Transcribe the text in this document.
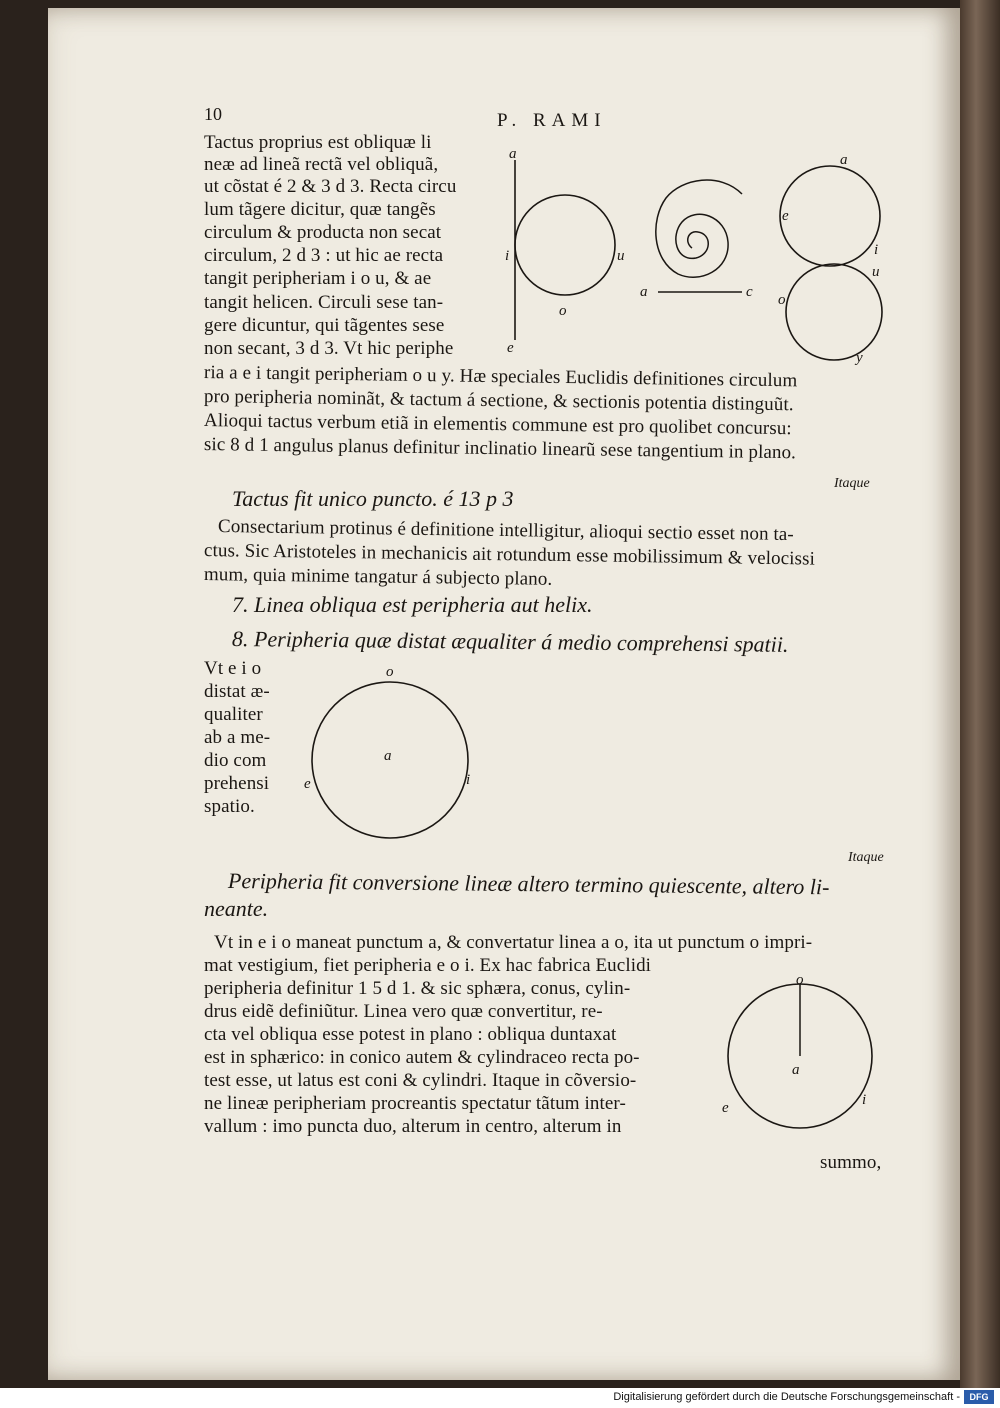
10	P. RAMI
Tactus proprius est obliquæ li
neæ ad lineã rectã vel obliquã,
ut cõstat é 2 & 3 d 3. Recta circu
lum tãgere dicitur, quæ tangẽs
circulum & producta non secat
circulum, 2 d 3 : ut hic ae recta
tangit peripheriam i o u, & ae
tangit helicen. Circuli sese tan-
gere dicuntur, qui tãgentes sese
non secant, 3 d 3. Vt hic periphe
ria a e i tangit peripheriam o u y. Hæ speciales Euclidis definitiones circulum
pro peripheria nominãt, & tactum á sectione, & sectionis potentia distinguũt.
Alioqui tactus verbum etiã in elementis commune est pro quolibet concursu:
sic 8 d 1 angulus planus definitur inclinatio linearũ sese tangentium in plano.
Itaque
Tactus fit unico puncto. é 13 p 3
Consectarium protinus é definitione intelligitur, alioqui sectio esset non ta-
ctus. Sic Aristoteles in mechanicis ait rotundum esse mobilissimum & velocissi
mum, quia minime tangatur á subjecto plano.
7. Linea obliqua est peripheria aut helix.
8. Peripheria quæ distat æqualiter á medio comprehensi spatii.
Vt e i o
distat æ-
qualiter
ab a me-
dio com
prehensi
spatio.
Itaque
Peripheria fit conversione lineæ altero termino quiescente, altero li-
neante.
Vt in e i o maneat punctum a, & convertatur linea a o, ita ut punctum o impri-
mat vestigium, fiet peripheria e o i. Ex hac fabrica Euclidi
peripheria definitur 1 5 d 1. & sic sphæra, conus, cylin-
drus eidẽ definiũtur. Linea vero quæ convertitur, re-
cta vel obliqua esse potest in plano : obliqua duntaxat
est in sphærico: in conico autem & cylindraceo recta po-
test esse, ut latus est coni & cylindri. Itaque in cõversio-
ne lineæ peripheriam procreantis spectatur tãtum inter-
vallum : imo puncta duo, alterum in centro, alterum in
summo,
a
i	u
o
e
a	c
a
e
i
u
o
y
o
a
e	i
o
a
e	i
Digitalisierung gefördert durch die Deutsche Forschungsgemeinschaft -	DFG
